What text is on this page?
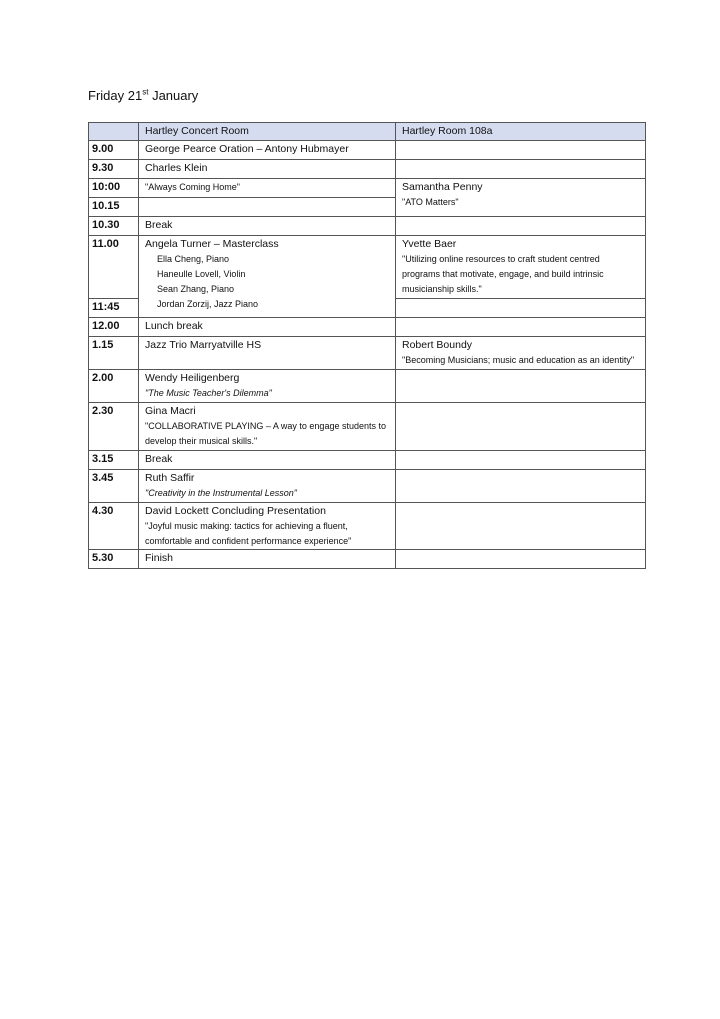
Friday 21st January
	Hartley Concert Room	Hartley Room 108a
9.00	George Pearce Oration – Antony Hubmayer	

9.30	Charles Klein	

10:00	"Always Coming Home"	Samantha Penny
"ATO Matters"

10.15		
10.30	Break	

11.00	Angela Turner – Masterclass
Ella Cheng, Piano
Haneulle Lovell, Violin
Sean Zhang, Piano
Jordan Zorzij, Jazz Piano	Yvette Baer
"Utilizing online resources to craft student centred programs that motivate, engage, and build intrinsic musicianship skills."

11:45		
12.00	Lunch break	

1.15	Jazz Trio Marryatville HS	Robert Boundy
"Becoming Musicians; music and education as an identity"

2.00	Wendy Heiligenberg
"The Music Teacher's Dilemma"	

2.30	Gina Macri
"COLLABORATIVE PLAYING – A way to engage students to develop their musical skills."	

3.15	Break	

3.45	Ruth Saffir
"Creativity in the Instrumental Lesson"	

4.30	David Lockett Concluding Presentation
"Joyful music making: tactics for achieving a fluent, comfortable and confident performance experience"	

5.30	Finish	
